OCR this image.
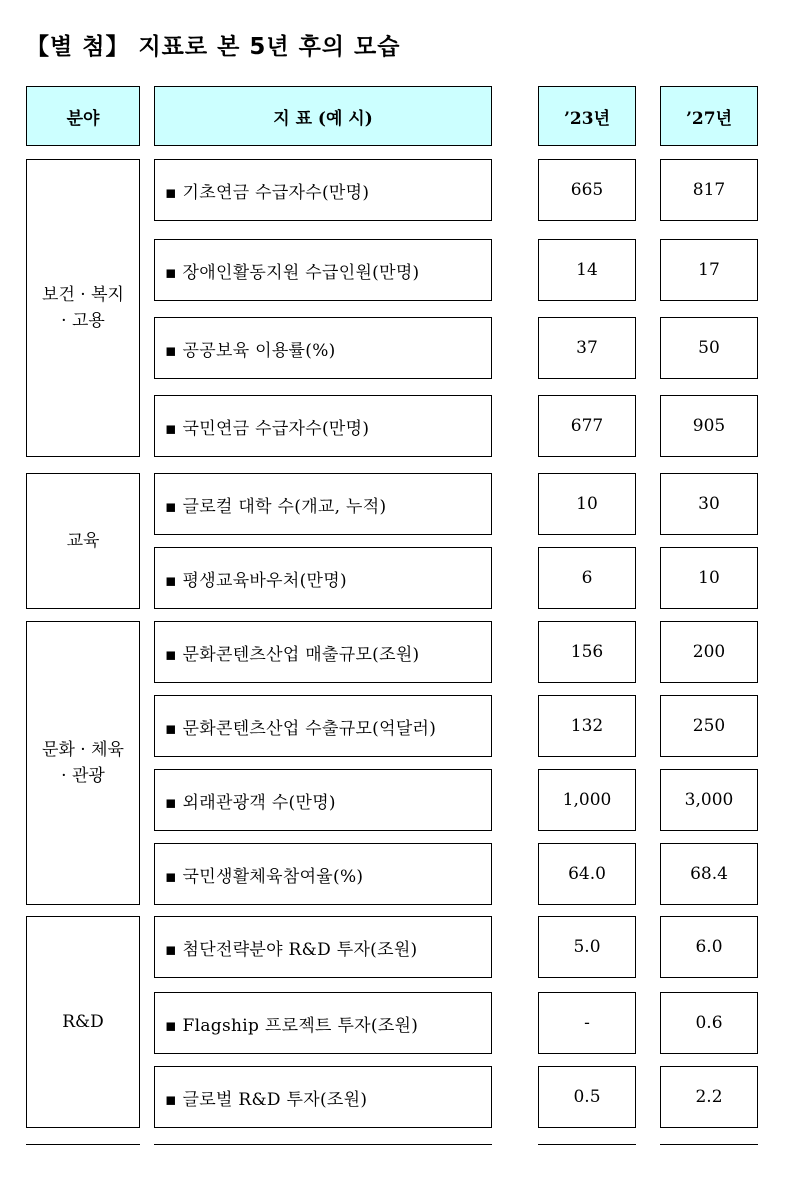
【별 첨】 지표로 본 5년 후의 모습
분야	지 표 (예 시)	’23년	’27년
보건 · 복지
· 고용
▪ 기초연금 수급자수(만명)	665	817
▪ 장애인활동지원 수급인원(만명)	14	17
▪ 공공보육 이용률(%)	37	50
▪ 국민연금 수급자수(만명)	677	905
교육
▪ 글로컬 대학 수(개교, 누적)	10	30
▪ 평생교육바우처(만명)	6	10
문화 · 체육
· 관광
▪ 문화콘텐츠산업 매출규모(조원)	156	200
▪ 문화콘텐츠산업 수출규모(억달러)	132	250
▪ 외래관광객 수(만명)	1,000	3,000
▪ 국민생활체육참여율(%)	64.0	68.4
R&D
▪ 첨단전략분야 R&D 투자(조원)	5.0	6.0
▪ Flagship 프로젝트 투자(조원)	-	0.6
▪ 글로벌 R&D 투자(조원)	0.5	2.2
